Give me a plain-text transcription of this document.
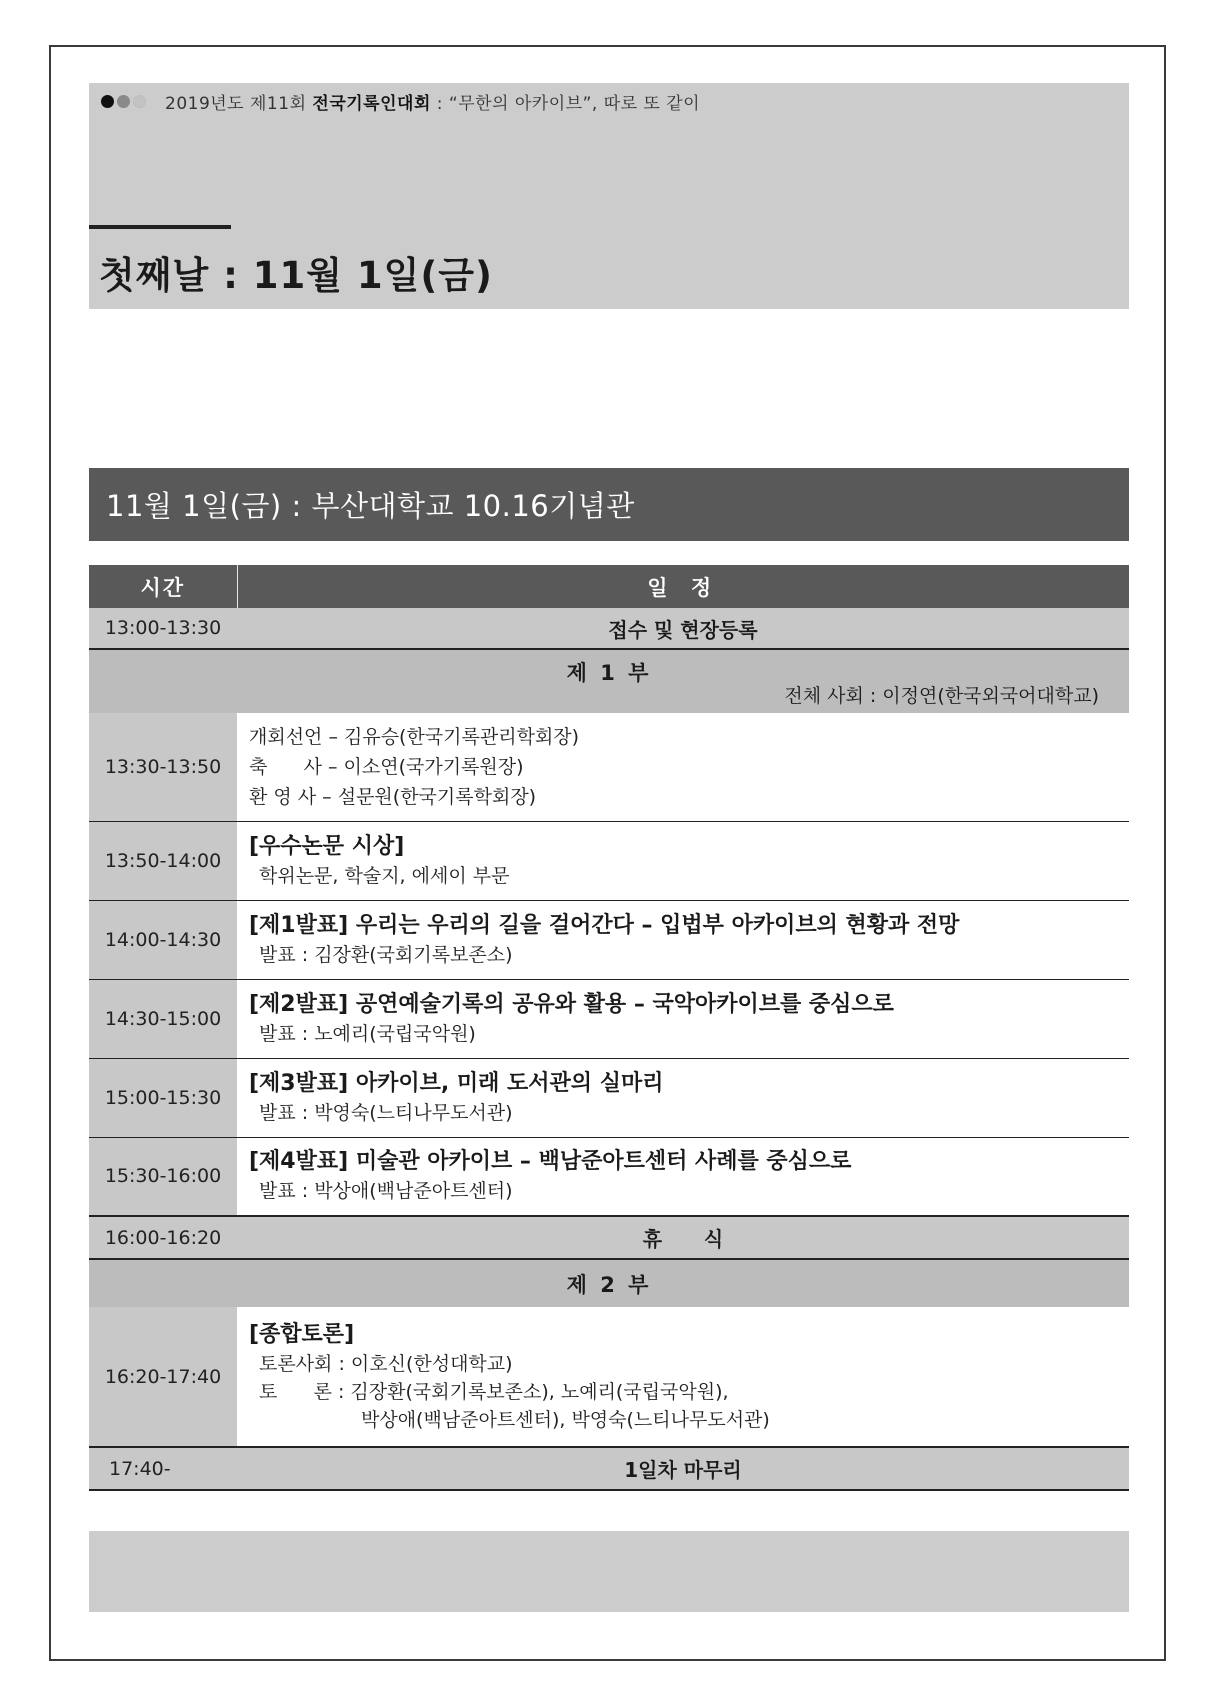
2019년도 제11회 전국기록인대회 : “무한의 아카이브”, 따로 또 같이
첫째날 : 11월 1일(금)
11월 1일(금) : 부산대학교 10.16기념관
시간	일 정
13:00-13:30	접수 및 현장등록

제 1 부
전체 사회 : 이정연(한국외국어대학교)	

13:30-13:50	개회선언 – 김유승(한국기록관리학회장)
축      사 – 이소연(국가기록원장)
환 영 사 – 설문원(한국기록학회장)

13:50-14:00	[우수논문 시상]
학위논문, 학술지, 에세이 부문

14:00-14:30	[제1발표] 우리는 우리의 길을 걸어간다 – 입법부 아카이브의 현황과 전망
발표 : 김장환(국회기록보존소)

14:30-15:00	[제2발표] 공연예술기록의 공유와 활용 – 국악아카이브를 중심으로
발표 : 노예리(국립국악원)

15:00-15:30	[제3발표] 아카이브, 미래 도서관의 실마리
발표 : 박영숙(느티나무도서관)

15:30-16:00	[제4발표] 미술관 아카이브 – 백남준아트센터 사례를 중심으로
발표 : 박상애(백남준아트센터)

16:00-16:20	휴      식

제 2 부	

16:20-17:40	[종합토론]
토론사회 : 이호신(한성대학교)
토      론 : 김장환(국회기록보존소), 노예리(국립국악원),
박상애(백남준아트센터), 박영숙(느티나무도서관)

17:40-	1일차 마무리
